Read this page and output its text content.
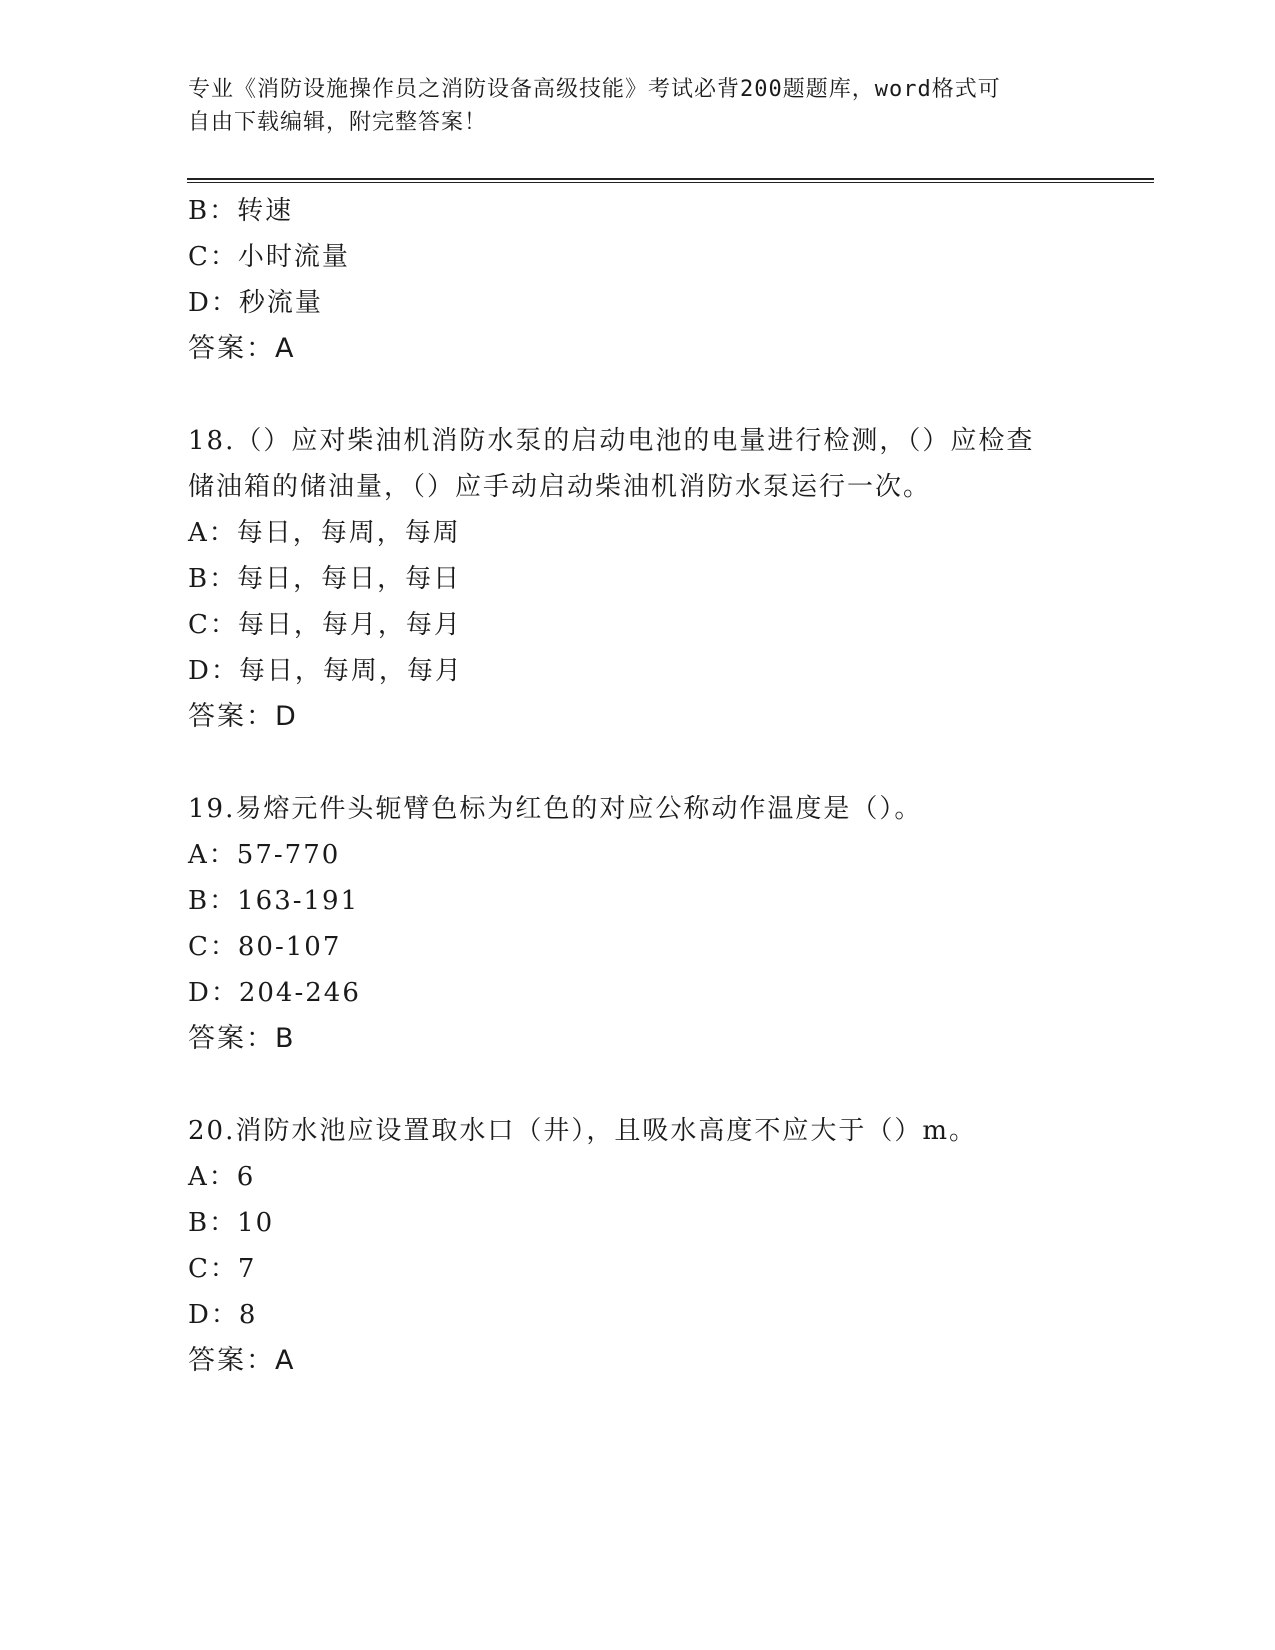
专业《消防设施操作员之消防设备高级技能》考试必背200题题库，word格式可
自由下载编辑，附完整答案！
B：转速
C：小时流量
D：秒流量
答案：A
18.（）应对柴油机消防水泵的启动电池的电量进行检测，（）应检查
储油箱的储油量，（）应手动启动柴油机消防水泵运行一次。
A：每日，每周，每周
B：每日，每日，每日
C：每日，每月，每月
D：每日，每周，每月
答案：D
19.易熔元件头轭臂色标为红色的对应公称动作温度是（）。
A：57-770
B：163-191
C：80-107
D：204-246
答案：B
20.消防水池应设置取水口（井），且吸水高度不应大于（）m。
A：6
B：10
C：7
D：8
答案：A
